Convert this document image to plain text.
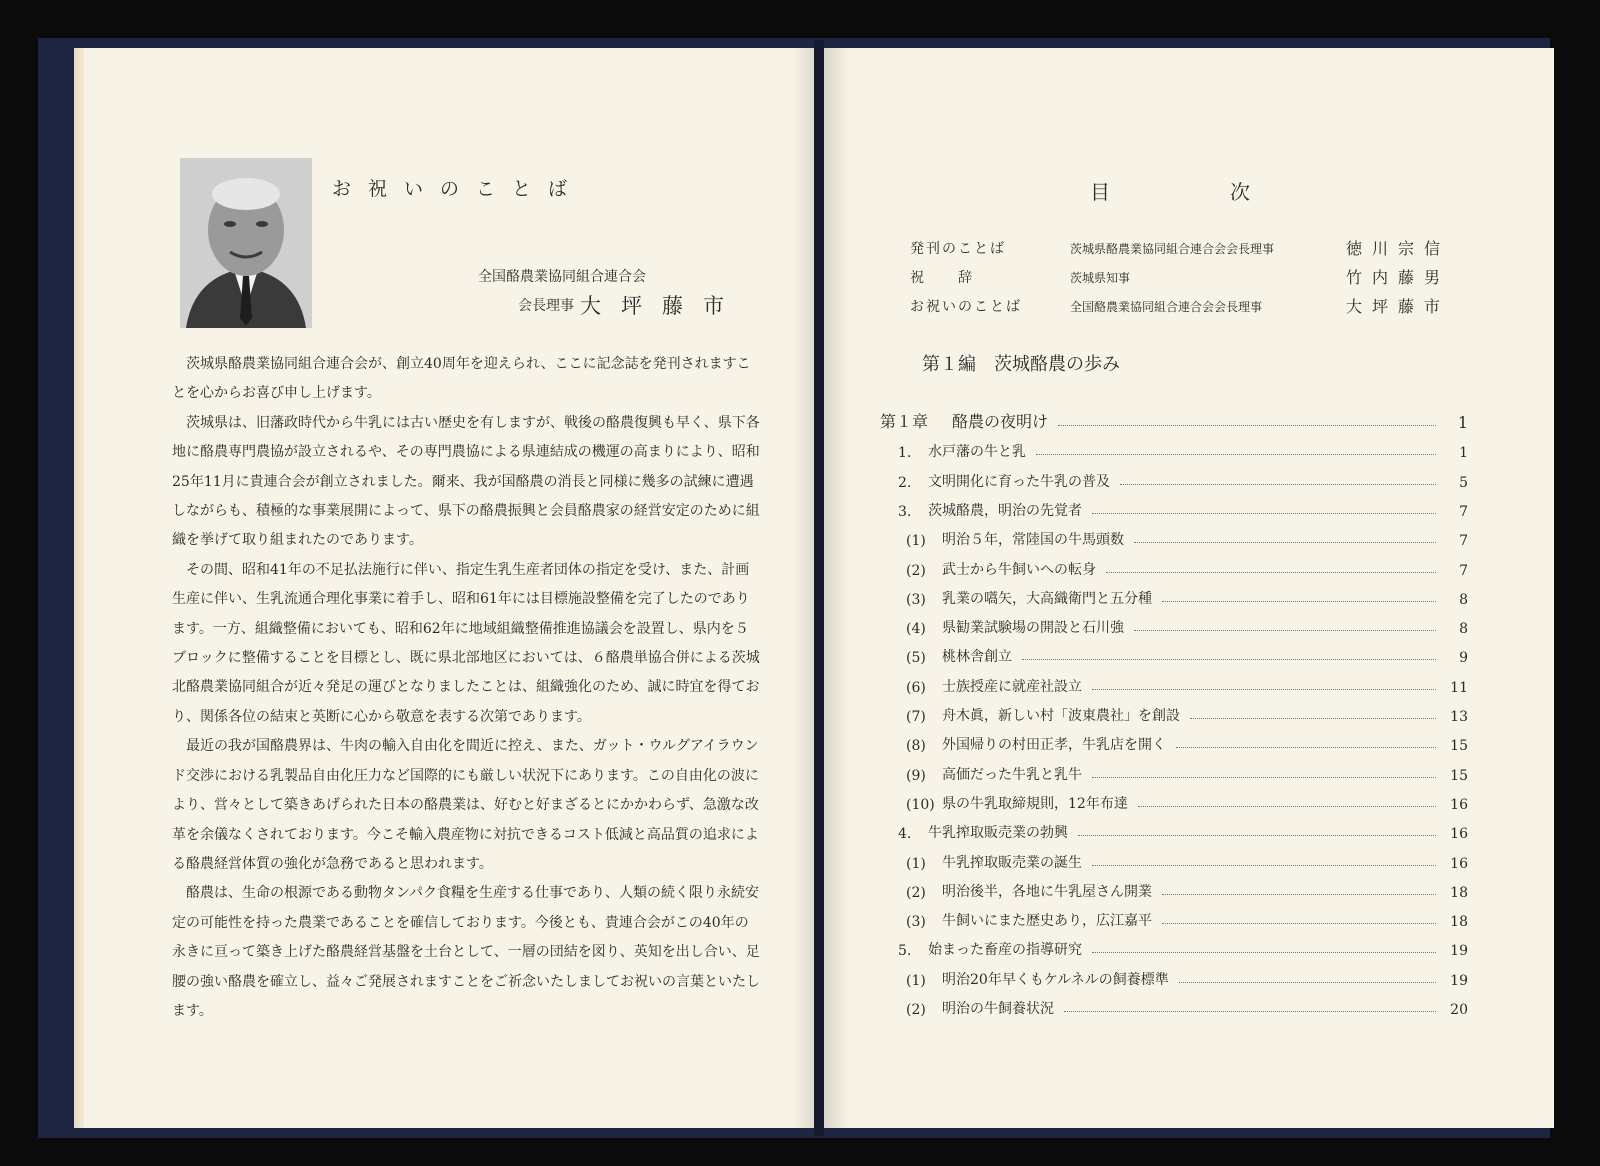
お祝いのことば
全国酪農業協同組合連合会
会長理事 大坪藤市

茨城県酪農業協同組合連合会が、創立40周年を迎えられ、ここに記念誌を発刊されますことを心からお喜び申し上げます。

茨城県は、旧藩政時代から牛乳には古い歴史を有しますが、戦後の酪農復興も早く、県下各地に酪農専門農協が設立されるや、その専門農協による県連結成の機運の高まりにより、昭和25年11月に貴連合会が創立されました。爾来、我が国酪農の消長と同様に幾多の試練に遭遇しながらも、積極的な事業展開によって、県下の酪農振興と会員酪農家の経営安定のために組織を挙げて取り組まれたのであります。

その間、昭和41年の不足払法施行に伴い、指定生乳生産者団体の指定を受け、また、計画生産に伴い、生乳流通合理化事業に着手し、昭和61年には目標施設整備を完了したのであります。一方、組織整備においても、昭和62年に地域組織整備推進協議会を設置し、県内を５ブロックに整備することを目標とし、既に県北部地区においては、６酪農単協合併による茨城北酪農業協同組合が近々発足の運びとなりましたことは、組織強化のため、誠に時宜を得ており、関係各位の結束と英断に心から敬意を表する次第であります。

最近の我が国酪農界は、牛肉の輸入自由化を間近に控え、また、ガット・ウルグアイラウンド交渉における乳製品自由化圧力など国際的にも厳しい状況下にあります。この自由化の波により、営々として築きあげられた日本の酪農業は、好むと好まざるとにかかわらず、急激な改革を余儀なくされております。今こそ輸入農産物に対抗できるコスト低減と高品質の追求による酪農経営体質の強化が急務であると思われます。

酪農は、生命の根源である動物タンパク食糧を生産する仕事であり、人類の続く限り永続安定の可能性を持った農業であることを確信しております。今後とも、貴連合会がこの40年の永きに亘って築き上げた酪農経営基盤を土台として、一層の団結を図り、英知を出し合い、足腰の強い酪農を確立し、益々ご発展されますことをご祈念いたしましてお祝いの言葉といたします。

目次
発刊のことば	茨城県酪農業協同組合連合会会長理事	徳川宗信
祝　　辞	茨城県知事	竹内藤男
お祝いのことば	全国酪農業協同組合連合会会長理事	大坪藤市
第１編　茨城酪農の歩み
第１章	酪農の夜明け	1
1.	水戸藩の牛と乳	1
2.	文明開化に育った牛乳の普及	5
3.	茨城酪農，明治の先覚者	7
(1)	明治５年，常陸国の牛馬頭数	7
(2)	武士から牛飼いへの転身	7
(3)	乳業の嚆矢，大高織衛門と五分種	8
(4)	県勧業試験場の開設と石川強	8
(5)	桃林舎創立	9
(6)	士族授産に就産社設立	11
(7)	舟木眞，新しい村「波東農社」を創設	13
(8)	外国帰りの村田正孝，牛乳店を開く	15
(9)	高価だった牛乳と乳牛	15
(10) 県の牛乳取締規則，12年布達	16
4.	牛乳搾取販売業の勃興	16
(1)	牛乳搾取販売業の誕生	16
(2)	明治後半，各地に牛乳屋さん開業	18
(3)	牛飼いにまた歴史あり，広江嘉平	18
5.	始まった畜産の指導研究	19
(1)	明治20年早くもケルネルの飼養標準	19
(2)	明治の牛飼養状況	20
